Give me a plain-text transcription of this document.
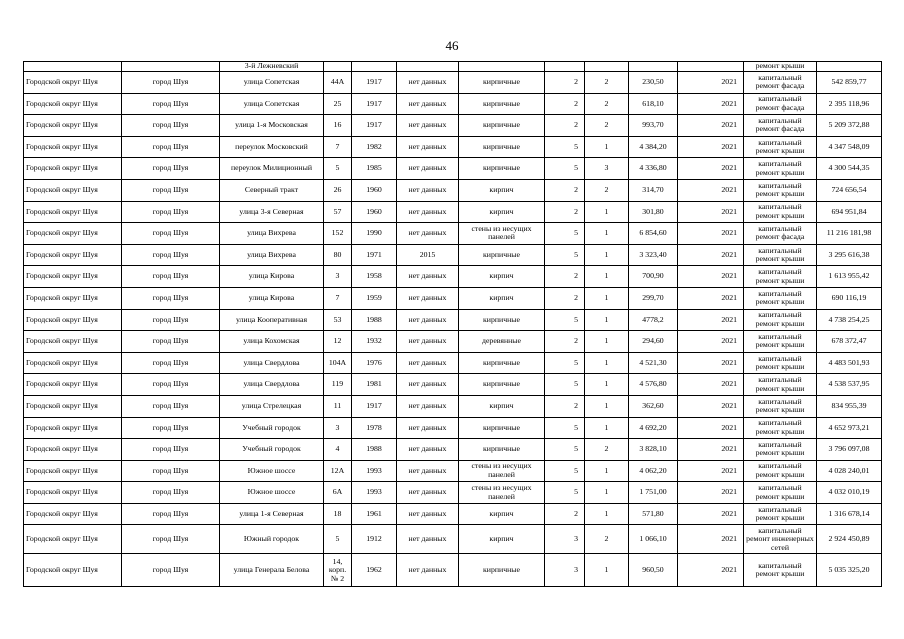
46
		3-й Лежневский									ремонт крыши	
Городской округ Шуя	город Шуя	улица Сопетская	44А	1917	нет данных	кирпичные	2	2	230,50	2021	капитальный ремонт фасада	542 859,77
Городской округ Шуя	город Шуя	улица Сопетская	25	1917	нет данных	кирпичные	2	2	618,10	2021	капитальный ремонт фасада	2 395 118,96
Городской округ Шуя	город Шуя	улица 1-я Московская	16	1917	нет данных	кирпичные	2	2	993,70	2021	капитальный ремонт фасада	5 209 372,88
Городской округ Шуя	город Шуя	переулок Московский	7	1982	нет данных	кирпичные	5	1	4 384,20	2021	капитальный ремонт крыши	4 347 548,09
Городской округ Шуя	город Шуя	переулок Милиционный	5	1985	нет данных	кирпичные	5	3	4 336,80	2021	капитальный ремонт крыши	4 300 544,35
Городской округ Шуя	город Шуя	Северный тракт	26	1960	нет данных	кирпич	2	2	314,70	2021	капитальный ремонт крыши	724 656,54
Городской округ Шуя	город Шуя	улица 3-я Северная	57	1960	нет данных	кирпич	2	1	301,80	2021	капитальный ремонт крыши	694 951,84
Городской округ Шуя	город Шуя	улица Вихрева	152	1990	нет данных	стены из несущих панелей	5	1	6 854,60	2021	капитальный ремонт фасада	11 216 181,98
Городской округ Шуя	город Шуя	улица Вихрева	80	1971	2015	кирпичные	5	1	3 323,40	2021	капитальный ремонт крыши	3 295 616,38
Городской округ Шуя	город Шуя	улица Кирова	3	1958	нет данных	кирпич	2	1	700,90	2021	капитальный ремонт крыши	1 613 955,42
Городской округ Шуя	город Шуя	улица Кирова	7	1959	нет данных	кирпич	2	1	299,70	2021	капитальный ремонт крыши	690 116,19
Городской округ Шуя	город Шуя	улица Кооперативная	53	1988	нет данных	кирпичные	5	1	4778,2	2021	капитальный ремонт крыши	4 738 254,25
Городской округ Шуя	город Шуя	улица Кохомская	12	1932	нет данных	деревянные	2	1	294,60	2021	капитальный ремонт крыши	678 372,47
Городской округ Шуя	город Шуя	улица Свердлова	104А	1976	нет данных	кирпичные	5	1	4 521,30	2021	капитальный ремонт крыши	4 483 501,93
Городской округ Шуя	город Шуя	улица Свердлова	119	1981	нет данных	кирпичные	5	1	4 576,80	2021	капитальный ремонт крыши	4 538 537,95
Городской округ Шуя	город Шуя	улица Стрелецкая	11	1917	нет данных	кирпич	2	1	362,60	2021	капитальный ремонт крыши	834 955,39
Городской округ Шуя	город Шуя	Учебный городок	3	1978	нет данных	кирпичные	5	1	4 692,20	2021	капитальный ремонт крыши	4 652 973,21
Городской округ Шуя	город Шуя	Учебный городок	4	1988	нет данных	кирпичные	5	2	3 828,10	2021	капитальный ремонт крыши	3 796 097,08
Городской округ Шуя	город Шуя	Южное шоссе	12А	1993	нет данных	стены из несущих панелей	5	1	4 062,20	2021	капитальный ремонт крыши	4 028 240,01
Городской округ Шуя	город Шуя	Южное шоссе	6А	1993	нет данных	стены из несущих панелей	5	1	1 751,00	2021	капитальный ремонт крыши	4 032 010,19
Городской округ Шуя	город Шуя	улица 1-я Северная	18	1961	нет данных	кирпич	2	1	571,80	2021	капитальный ремонт крыши	1 316 678,14
Городской округ Шуя	город Шуя	Южный городок	5	1912	нет данных	кирпич	3	2	1 066,10	2021	капитальный ремонт инженерных сетей	2 924 450,89
Городской округ Шуя	город Шуя	улица Генерала Белова	14, корп. № 2	1962	нет данных	кирпичные	3	1	960,50	2021	капитальный ремонт крыши	5 035 325,20
